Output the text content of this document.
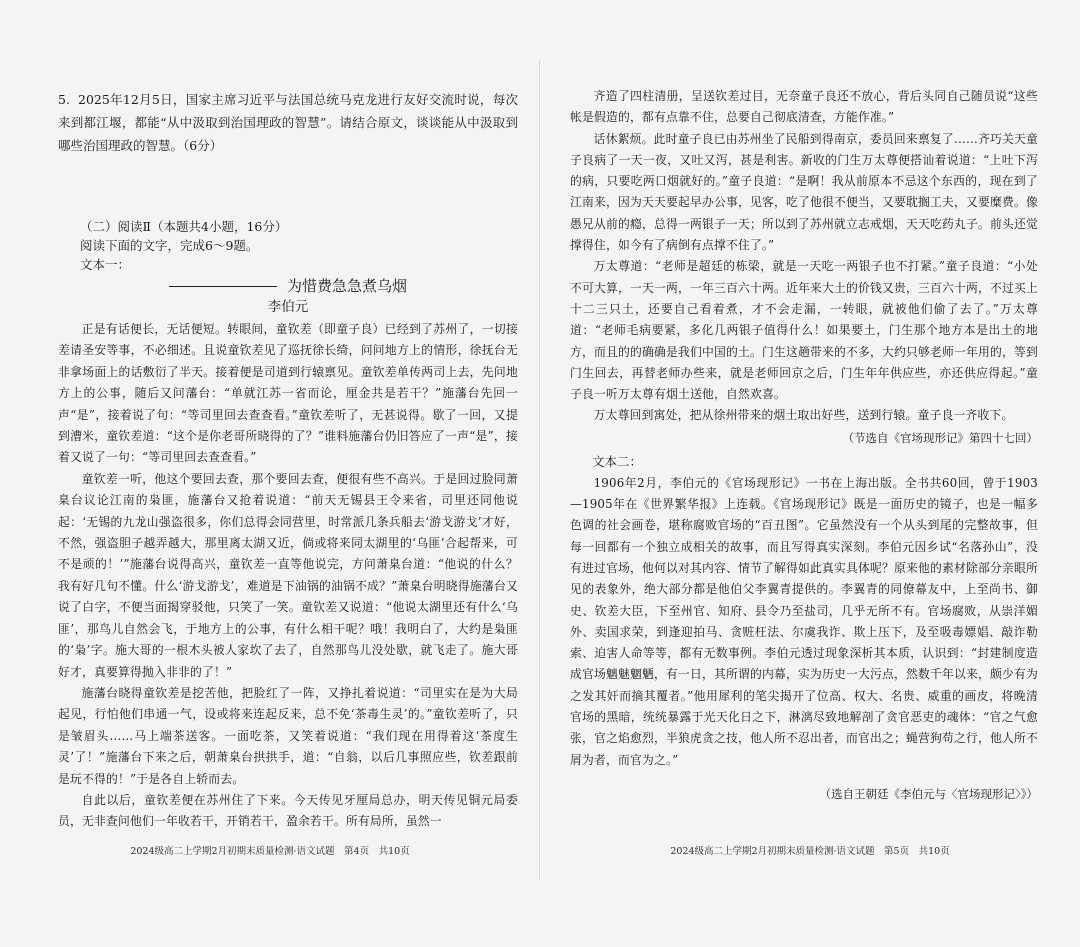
5. 2025年12月5日，国家主席习近平与法国总统马克龙进行友好交流时说，每次来到都江堰，都能“从中汲取到治国理政的智慧”。请结合原文，谈谈能从中汲取到哪些治国理政的智慧。（6分）
（二）阅读Ⅱ（本题共4小题，16分）
阅读下面的文字，完成6～9题。
文本一：
为惜费急急煮乌烟
李伯元

正是有话便长，无话便短。转眼间，童钦差（即童子良）已经到了苏州了，一切接差请圣安等事，不必细述。且说童钦差见了巡抚徐长绮，问问地方上的情形，徐抚台无非拿场面上的话敷衍了半天。接着便是司道到行辕禀见。童钦差单传两司上去，先问地方上的公事，随后又问藩台：“单就江苏一省而论，厘金共是若干？”施藩台先回一声“是”，接着说了句：“等司里回去查查看。”童钦差听了，无甚说得。歇了一回，又提到漕米，童钦差道：“这个是你老哥所晓得的了？”谁料施藩台仍旧答应了一声“是”，接着又说了一句：“等司里回去查查看。”

童钦差一听，他这个要回去查，那个要回去查，便很有些不高兴。于是回过脸同萧臬台议论江南的枭匪，施藩台又抢着说道：“前天无锡县王令来省，司里还同他说起：‘无锡的九龙山强盗很多，你们总得会同营里，时常派几条兵船去‘游戈游戈’才好，不然，强盗胆子越弄越大，那里离太湖又近，倘或将来同太湖里的‘乌匪’合起帮来，可不是顽的！’”施藩台说得高兴，童钦差一直等他说完，方问萧臬台道：“他说的什么？我有好几句不懂。什么‘游戈游戈’，难道是下油锅的油锅不成？”萧臬台明晓得施藩台又说了白字，不便当面揭穿驳他，只笑了一笑。童钦差又说道：“他说太湖里还有什么‘乌匪’，那鸟儿自然会飞，于地方上的公事，有什么相干呢？哦！我明白了，大约是枭匪的‘枭’字。施大哥的一根木头被人家坎了去了，自然那鸟儿没处歇，就飞走了。施大哥好才，真要算得抛入非非的了！”

施藩台晓得童钦差是挖苦他，把脸红了一阵，又挣扎着说道：“司里实在是为大局起见，行怕他们串通一气，设或将来连起反来，总不免‘茶毒生灵’的。”童钦差听了，只是皱眉头……马上端茶送客。一面吃茶，又笑着说道：“我们现在用得着这‘茶度生灵’了！”施藩台下来之后，朝萧臬台拱拱手，道：“自翁，以后几事照应些，钦差跟前是玩不得的！”于是各自上轿而去。

自此以后，童钦差便在苏州住了下来。今天传见牙厘局总办，明天传见铜元局委员，无非查问他们一年收若干，开销若干，盈余若干。所有局所，虽然一

齐造了四柱清册，呈送钦差过目，无奈童子良还不放心，背后头同自己随员说“这些帐是假造的，都有点靠不住，总要自己彻底清查，方能作准。”

话休絮烦。此时童子良已由苏州坐了民船到得南京，委员回来禀复了……齐巧关天童子良病了一天一夜，又吐又泻，甚是利害。新收的门生万太尊便搭讪着说道：“上吐下泻的病，只要吃两口烟就好的。”童子良道：“是啊！我从前原本不忌这个东西的，现在到了江南来，因为天天要起早办公事，见客，吃了他很不便当，又要耽搁工夫，又要糜费。像愚兄从前的瘾，总得一两银子一天；所以到了苏州就立志戒烟，天天吃药丸子。前头还觉撑得住，如今有了病倒有点撑不住了。”

万太尊道：“老师是超廷的栋梁，就是一天吃一两银子也不打紧。”童子良道：“小处不可大算，一天一两，一年三百六十两。近年来大土的价钱又贵，三百六十两，不过买上十二三只土，还要自己看着煮，才不会走漏，一转眼，就被他们偷了去了。”万太尊道：“老师毛病要紧，多化几两银子值得什么！如果要土，门生那个地方本是出土的地方，而且的的确确是我们中国的土。门生这趟带来的不多，大约只够老师一年用的，等到门生回去，再替老师办些来，就是老师回京之后，门生年年供应些，亦还供应得起。”童子良一听万太尊有烟土送他，自然欢喜。

万太尊回到寓处，把从徐州带来的烟土取出好些，送到行辕。童子良一齐收下。

（节选自《官场现形记》第四十七回）

文本二：

1906年2月，李伯元的《官场现形记》一书在上海出版。全书共60回，曾于1903—1905年在《世界繁华报》上连载。《官场现形记》既是一面历史的镜子，也是一幅多色调的社会画卷，堪称腐败官场的“百丑图”。它虽然没有一个从头到尾的完整故事，但每一回都有一个独立成相关的故事，而且写得真实深刻。李伯元因乡试“名落孙山”，没有进过官场，他何以对其内容、情节了解得如此真实具体呢？原来他的素材除部分亲眼所见的表象外，绝大部分都是他伯父李翼青提供的。李翼青的同僚幕友中，上至尚书、御史、钦差大臣，下至州官、知府、县令乃至盐司，几乎无所不有。官场腐败，从崇洋媚外、卖国求荣，到逢迎拍马、贪赃枉法、尔虞我诈、欺上压下，及至吸毒嫖娼、敲诈勒索、迫害人命等等，都有无数事例。李伯元透过现象深析其本质，认识到：“封建制度造成官场魑魅魍魉，有一日，其所谓的内幕，实为历史一大污点，然数千年以来，颇少有为之发其奸而摘其覆者。”他用犀利的笔尖揭开了位高、权大、名贵、威重的画皮，将晚清官场的黑暗，统统暴露于光天化日之下，淋漓尽致地解剖了贪官恶吏的魂体：“官之气愈张，官之焰愈烈，半狼虎贪之技，他人所不忍出者，而官出之；蝇营狗苟之行，他人所不屑为者，而官为之。”

（选自王朝廷《李伯元与〈官场现形记〉》）

2024级高二上学期2月初期末质量检测·语文试题　第4页　共10页	2024级高二上学期2月初期末质量检测·语文试题　第5页　共10页
